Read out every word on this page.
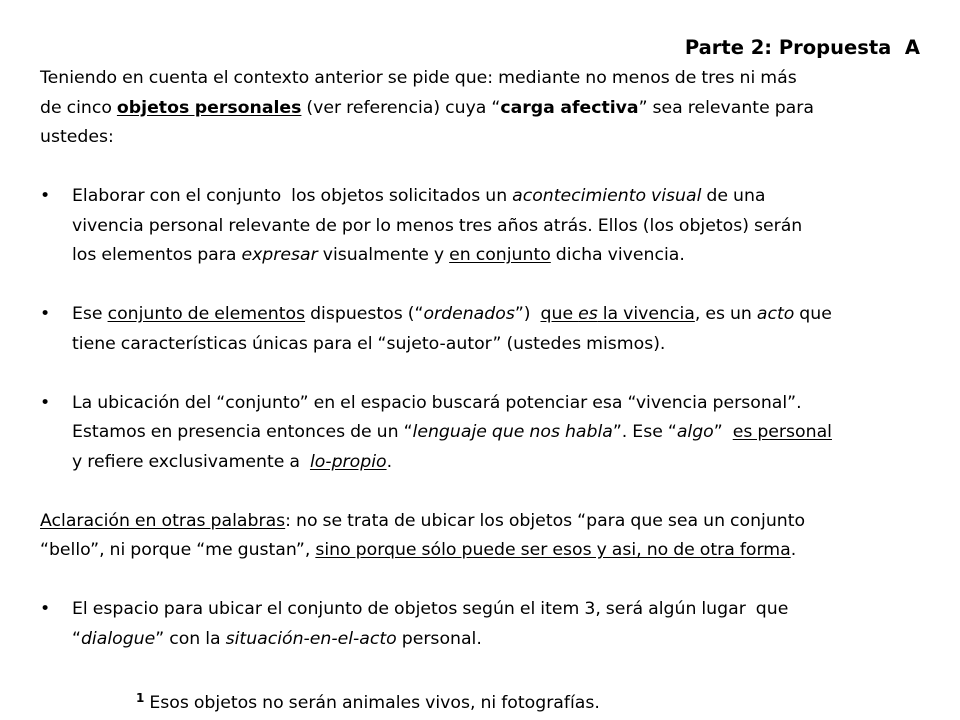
Parte 2: Propuesta  A
Teniendo en cuenta el contexto anterior se pide que: mediante no menos de tres ni más
de cinco objetos personales (ver referencia) cuya “carga afectiva” sea relevante para
ustedes:
• Elaborar con el conjunto  los objetos solicitados un acontecimiento visual de una
vivencia personal relevante de por lo menos tres años atrás. Ellos (los objetos) serán
los elementos para expresar visualmente y en conjunto dicha vivencia.
• Ese conjunto de elementos dispuestos (“ordenados”)  que es la vivencia, es un acto que
tiene características únicas para el “sujeto-autor” (ustedes mismos).
• La ubicación del “conjunto” en el espacio buscará potenciar esa “vivencia personal”.
Estamos en presencia entonces de un “lenguaje que nos habla”. Ese “algo”  es personal
y refiere exclusivamente a  lo-propio.
Aclaración en otras palabras: no se trata de ubicar los objetos “para que sea un conjunto
“bello”, ni porque “me gustan”, sino porque sólo puede ser esos y asi, no de otra forma.
• El espacio para ubicar el conjunto de objetos según el item 3, será algún lugar  que
“dialogue” con la situación-en-el-acto personal.
$^1$ Esos objetos no serán animales vivos, ni fotografías.
